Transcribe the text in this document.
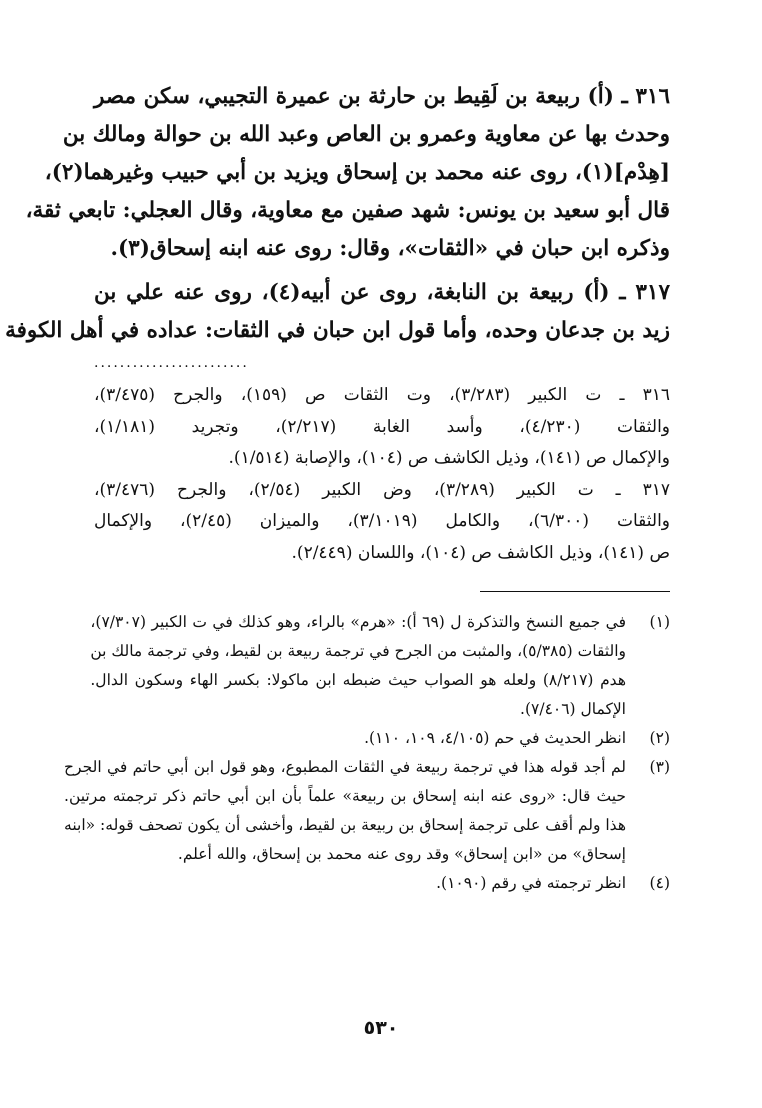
٣١٦ ـ (أ) ربيعة بن لَقِيط بن حارثة بن عميرة التجيبي، سكن مصر
وحدث بها عن معاوية وعمرو بن العاص وعبد الله بن حوالة ومالك بن
[هِدْم](١)، روى عنه محمد بن إسحاق ويزيد بن أبي حبيب وغيرهما(٢)،
قال أبو سعيد بن يونس: شهد صفين مع معاوية، وقال العجلي: تابعي ثقة،
وذكره ابن حبان في «الثقات»، وقال: روى عنه ابنه إسحاق(٣).

٣١٧ ـ (أ) ربيعة بن النابغة، روى عن أبيه(٤)، روى عنه علي بن
زيد بن جدعان وحده، وأما قول ابن حبان في الثقات: عداده في أهل الكوفة

........................
٣١٦ ـ ت الكبير (٣/٢٨٣)، وت الثقات ص (١٥٩)، والجرح (٣/٤٧٥)،
والثقات (٤/٢٣٠)، وأسد الغابة (٢/٢١٧)، وتجريد (١/١٨١)،
والإكمال ص (١٤١)، وذيل الكاشف ص (١٠٤)، والإصابة (١/٥١٤).
٣١٧ ـ ت الكبير (٣/٢٨٩)، وض الكبير (٢/٥٤)، والجرح (٣/٤٧٦)،
والثقات (٦/٣٠٠)، والكامل (٣/١٠١٩)، والميزان (٢/٤٥)، والإكمال
ص (١٤١)، وذيل الكاشف ص (١٠٤)، واللسان (٢/٤٤٩).
(١)
في جميع النسخ والتذكرة ل (٦٩ أ): «هرم» بالراء، وهو كذلك في ت الكبير (٧/٣٠٧)،
والثقات (٥/٣٨٥)، والمثبت من الجرح في ترجمة ربيعة بن لقيط، وفي ترجمة مالك بن
هدم (٨/٢١٧) ولعله هو الصواب حيث ضبطه ابن ماكولا: بكسر الهاء وسكون الدال.
الإكمال (٧/٤٠٦).
(٢)
انظر الحديث في حم (٤/١٠٥، ١٠٩، ١١٠).
(٣)
لم أجد قوله هذا في ترجمة ربيعة في الثقات المطبوع، وهو قول ابن أبي حاتم في الجرح
حيث قال: «روى عنه ابنه إسحاق بن ربيعة» علماً بأن ابن أبي حاتم ذكر ترجمته مرتين.
هذا ولم أقف على ترجمة إسحاق بن ربيعة بن لقيط، وأخشى أن يكون تصحف قوله: «ابنه
إسحاق» من «ابن إسحاق» وقد روى عنه محمد بن إسحاق، والله أعلم.
(٤)
انظر ترجمته في رقم (١٠٩٠).
٥٣٠
